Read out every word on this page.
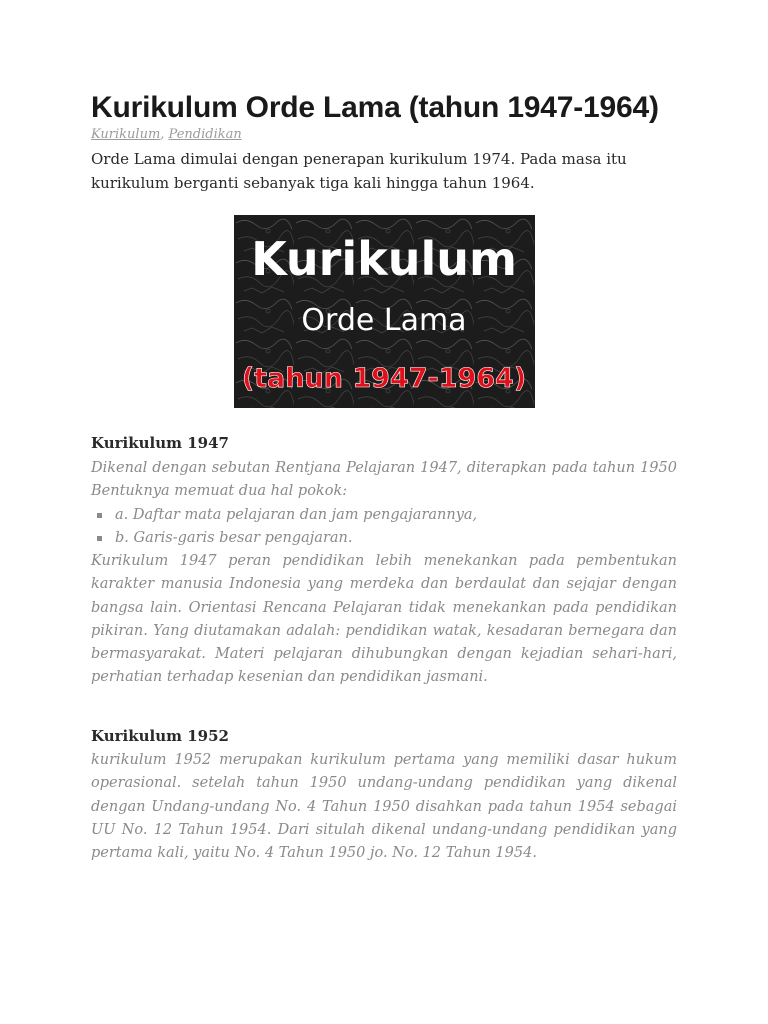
Kurikulum Orde Lama (tahun 1947-1964)
Kurikulum, Pendidikan

Orde Lama dimulai dengan penerapan kurikulum 1974. Pada masa itu kurikulum berganti sebanyak tiga kali hingga tahun 1964.

Kurikulum
Orde Lama
(tahun 1947-1964)
Kurikulum 1947

Dikenal dengan sebutan Rentjana Pelajaran 1947, diterapkan pada tahun 1950 Bentuknya memuat dua hal pokok:

a. Daftar mata pelajaran dan jam pengajarannya,
b. Garis-garis besar pengajaran.

Kurikulum 1947 peran pendidikan lebih menekankan pada pembentukan karakter manusia Indonesia yang merdeka dan berdaulat dan sejajar dengan bangsa lain. Orientasi Rencana Pelajaran tidak menekankan pada pendidikan pikiran. Yang diutamakan adalah: pendidikan watak, kesadaran bernegara dan bermasyarakat. Materi pelajaran dihubungkan dengan kejadian sehari-hari, perhatian terhadap kesenian dan pendidikan jasmani.

Kurikulum 1952

kurikulum 1952 merupakan kurikulum pertama yang memiliki dasar hukum operasional. setelah tahun 1950 undang-undang pendidikan yang dikenal dengan Undang-undang No. 4 Tahun 1950 disahkan pada tahun 1954 sebagai UU No. 12 Tahun 1954. Dari situlah dikenal undang-undang pendidikan yang pertama kali, yaitu No. 4 Tahun 1950 jo. No. 12 Tahun 1954.
